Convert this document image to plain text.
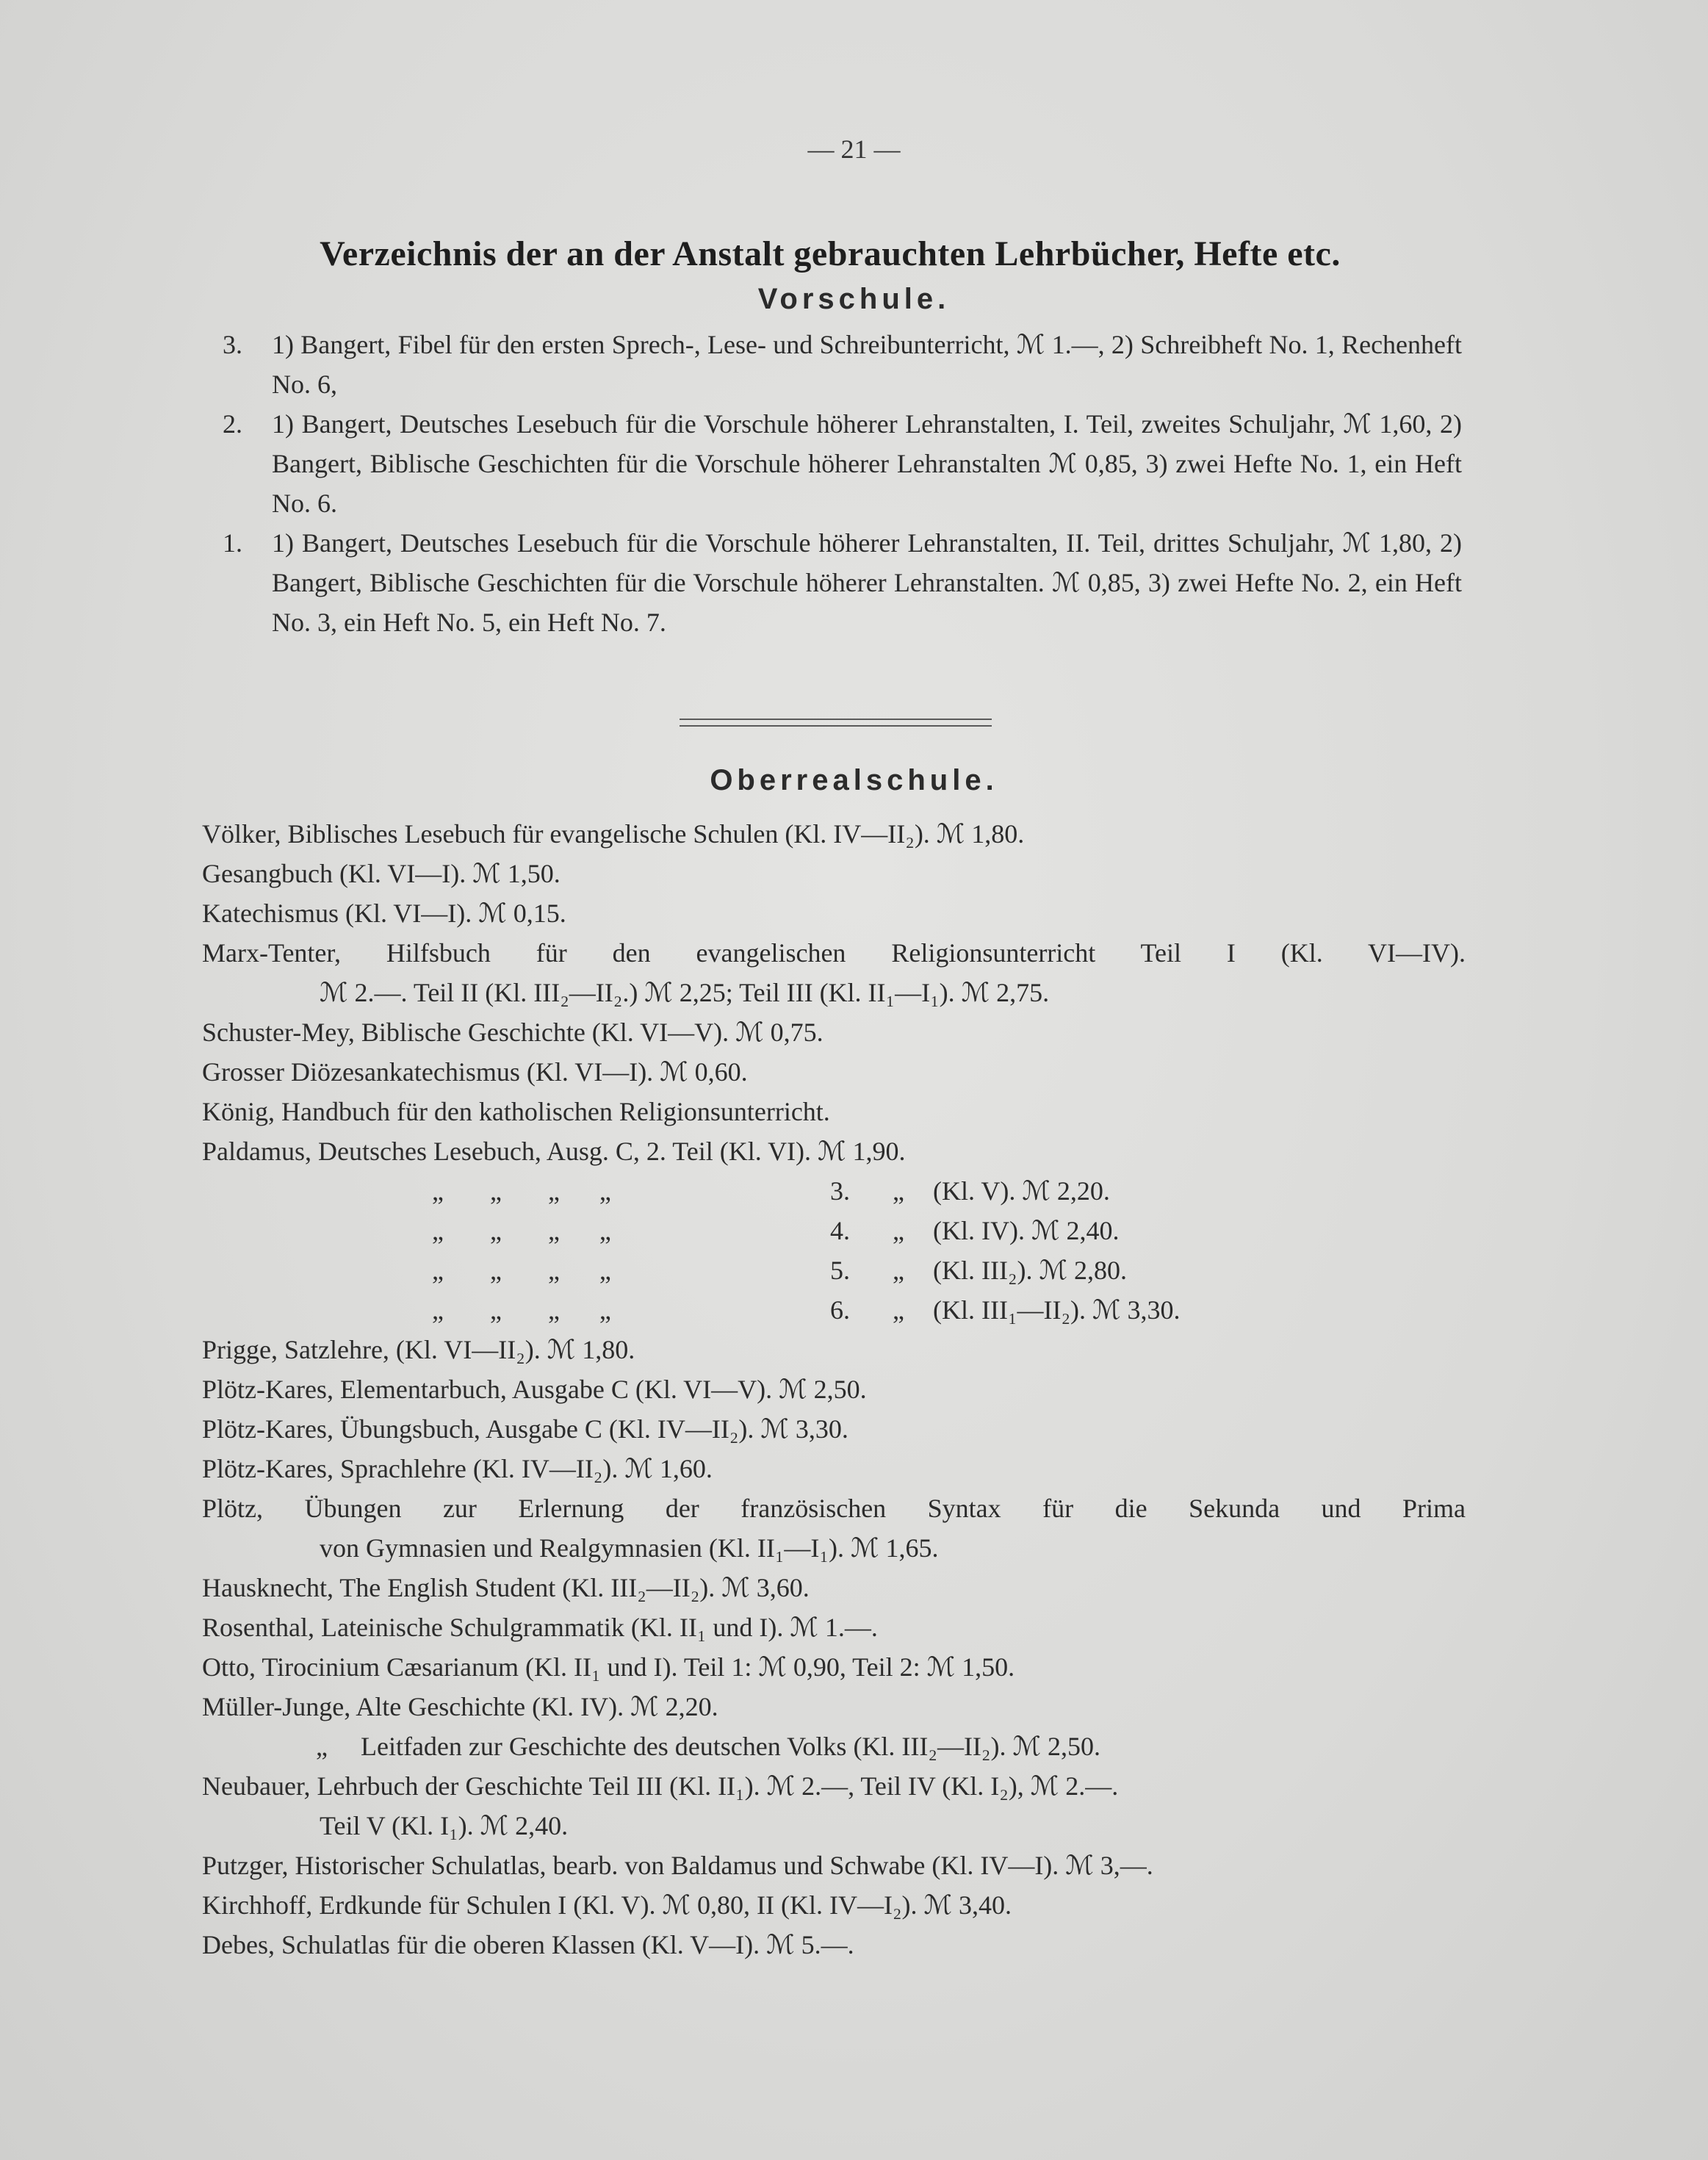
— 21 —
Verzeichnis der an der Anstalt gebrauchten Lehrbücher, Hefte etc.
Vorschule.
3. 1) Bangert, Fibel für den ersten Sprech-, Lese- und Schreibunterricht, ℳ 1.—, 2) Schreibheft No. 1, Rechenheft No. 6,
2. 1) Bangert, Deutsches Lesebuch für die Vorschule höherer Lehranstalten, I. Teil, zweites Schuljahr, ℳ 1,60, 2) Bangert, Biblische Geschichten für die Vorschule höherer Lehranstalten ℳ 0,85, 3) zwei Hefte No. 1, ein Heft No. 6.
1. 1) Bangert, Deutsches Lesebuch für die Vorschule höherer Lehranstalten, II. Teil, drittes Schuljahr, ℳ 1,80, 2) Bangert, Biblische Geschichten für die Vorschule höherer Lehranstalten. ℳ 0,85, 3) zwei Hefte No. 2, ein Heft No. 3, ein Heft No. 5, ein Heft No. 7.
Oberrealschule.
Völker, Biblisches Lesebuch für evangelische Schulen (Kl. IV—II₂). ℳ 1,80.
Gesangbuch (Kl. VI—I). ℳ 1,50.
Katechismus (Kl. VI—I). ℳ 0,15.
Marx-Tenter, Hilfsbuch für den evangelischen Religionsunterricht Teil I (Kl. VI—IV).
ℳ 2.—. Teil II (Kl. III₂—II₂.) ℳ 2,25; Teil III (Kl. II₁—I₁). ℳ 2,75.
Schuster-Mey, Biblische Geschichte (Kl. VI—V). ℳ 0,75.
Grosser Diözesankatechismus (Kl. VI—I). ℳ 0,60.
König, Handbuch für den katholischen Religionsunterricht.
Paldamus, Deutsches Lesebuch, Ausg. C, 2. Teil (Kl. VI). ℳ 1,90.
„       „       „      „	3. „ (Kl. V). ℳ 2,20.
„       „       „      „	4. „ (Kl. IV). ℳ 2,40.
„       „       „      „	5. „ (Kl. III₂). ℳ 2,80.
„       „       „      „	6. „ (Kl. III₁—II₂). ℳ 3,30.
Prigge, Satzlehre, (Kl. VI—II₂). ℳ 1,80.
Plötz-Kares, Elementarbuch, Ausgabe C (Kl. VI—V). ℳ 2,50.
Plötz-Kares, Übungsbuch, Ausgabe C (Kl. IV—II₂). ℳ 3,30.
Plötz-Kares, Sprachlehre (Kl. IV—II₂). ℳ 1,60.
Plötz, Übungen zur Erlernung der französischen Syntax für die Sekunda und Prima
von Gymnasien und Realgymnasien (Kl. II₁—I₁). ℳ 1,65.
Hausknecht, The English Student (Kl. III₂—II₂). ℳ 3,60.
Rosenthal, Lateinische Schulgrammatik (Kl. II₁ und I). ℳ 1.—.
Otto, Tirocinium Cæsarianum (Kl. II₁ und I). Teil 1: ℳ 0,90, Teil 2: ℳ 1,50.
Müller-Junge, Alte Geschichte (Kl. IV). ℳ 2,20.
„     Leitfaden zur Geschichte des deutschen Volks (Kl. III₂—II₂). ℳ 2,50.
Neubauer, Lehrbuch der Geschichte Teil III (Kl. II₁). ℳ 2.—, Teil IV (Kl. I₂), ℳ 2.—.
Teil V (Kl. I₁). ℳ 2,40.
Putzger, Historischer Schulatlas, bearb. von Baldamus und Schwabe (Kl. IV—I). ℳ 3,—.
Kirchhoff, Erdkunde für Schulen I (Kl. V). ℳ 0,80, II (Kl. IV—I₂). ℳ 3,40.
Debes, Schulatlas für die oberen Klassen (Kl. V—I). ℳ 5.—.
